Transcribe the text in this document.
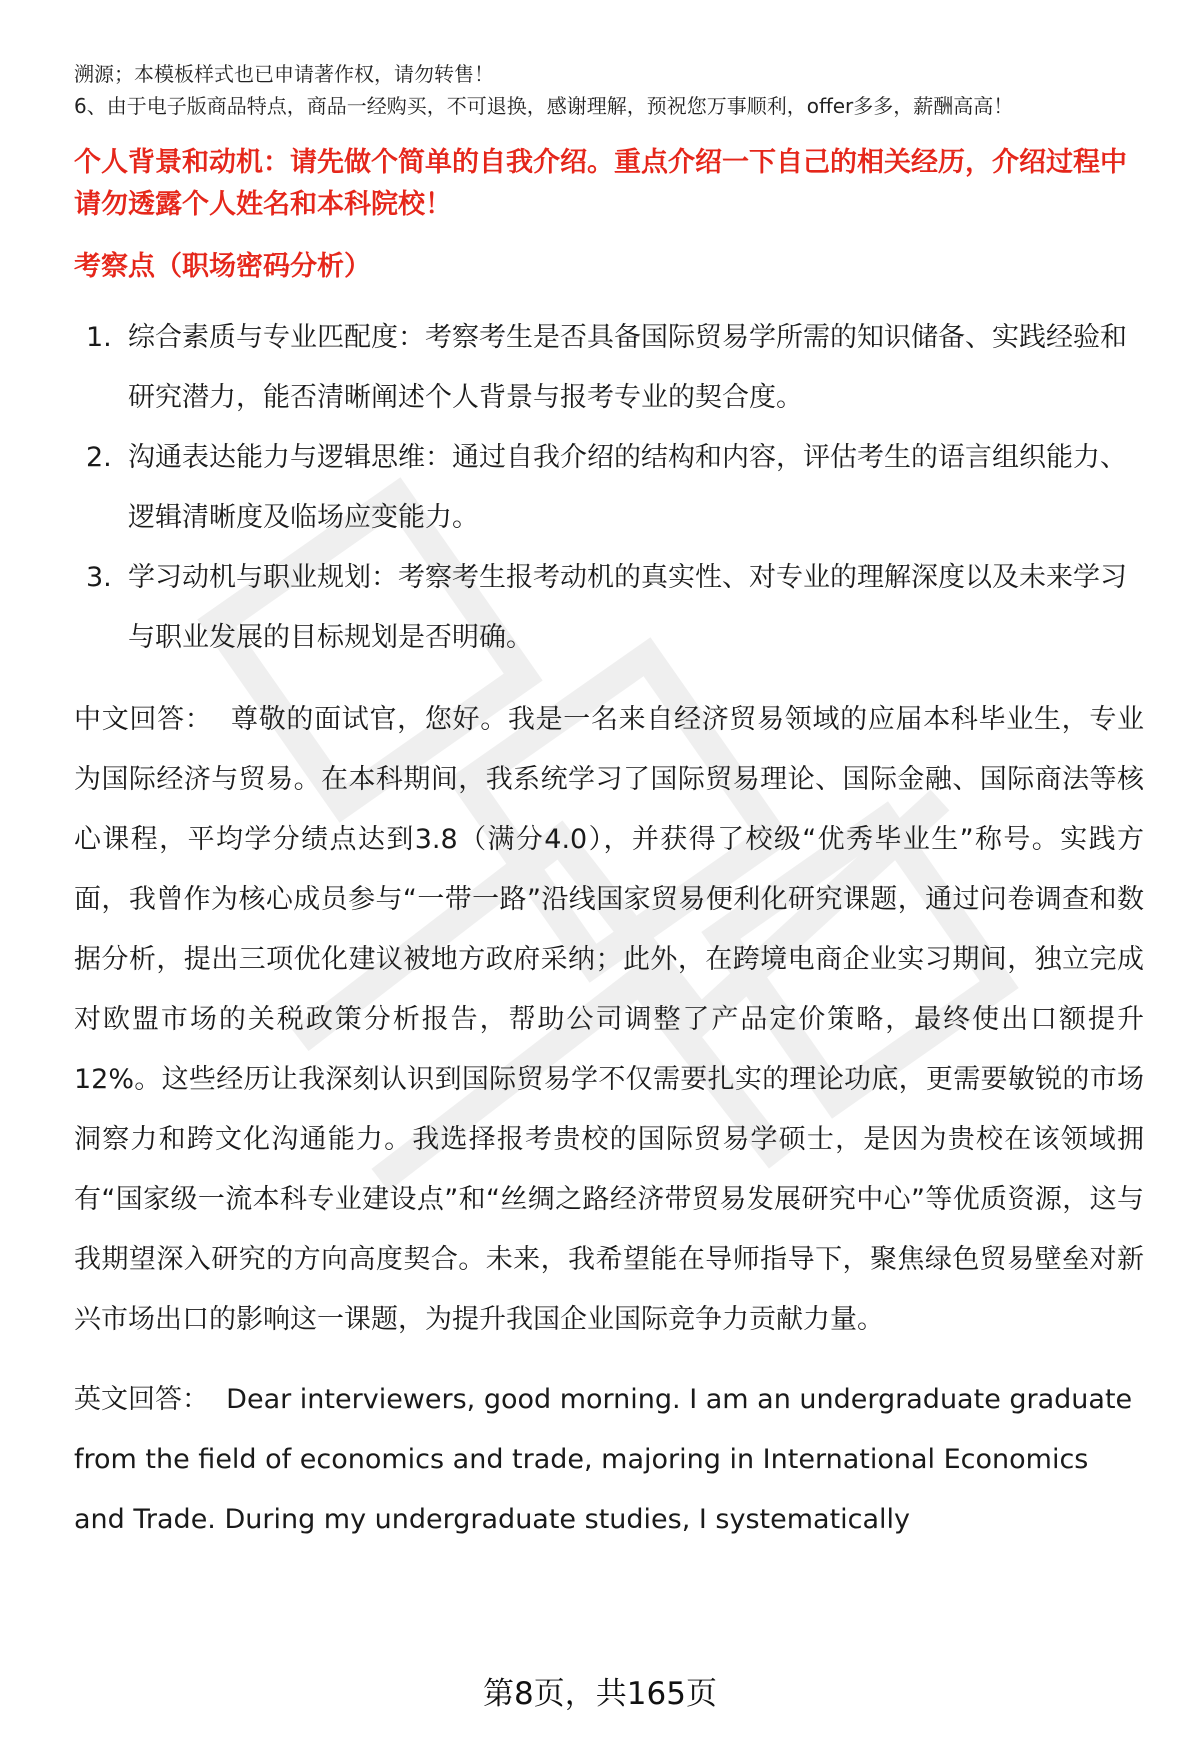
溯源；本模板样式也已申请著作权，请勿转售！

6、由于电子版商品特点，商品一经购买，不可退换，感谢理解，预祝您万事顺利，offer多多，薪酬高高！

个人背景和动机：请先做个简单的自我介绍。重点介绍一下自己的相关经历，介绍过程中请勿透露个人姓名和本科院校！

考察点（职场密码分析）

1. 综合素质与专业匹配度：考察考生是否具备国际贸易学所需的知识储备、实践经验和研究潜力，能否清晰阐述个人背景与报考专业的契合度。
2. 沟通表达能力与逻辑思维：通过自我介绍的结构和内容，评估考生的语言组织能力、逻辑清晰度及临场应变能力。
3. 学习动机与职业规划：考察考生报考动机的真实性、对专业的理解深度以及未来学习与职业发展的目标规划是否明确。

中文回答： 尊敬的面试官，您好。我是一名来自经济贸易领域的应届本科毕业生，专业为国际经济与贸易。在本科期间，我系统学习了国际贸易理论、国际金融、国际商法等核心课程，平均学分绩点达到3.8（满分4.0），并获得了校级“优秀毕业生”称号。实践方面，我曾作为核心成员参与“一带一路”沿线国家贸易便利化研究课题，通过问卷调查和数据分析，提出三项优化建议被地方政府采纳；此外，在跨境电商企业实习期间，独立完成对欧盟市场的关税政策分析报告，帮助公司调整了产品定价策略，最终使出口额提升12%。这些经历让我深刻认识到国际贸易学不仅需要扎实的理论功底，更需要敏锐的市场洞察力和跨文化沟通能力。我选择报考贵校的国际贸易学硕士，是因为贵校在该领域拥有“国家级一流本科专业建设点”和“丝绸之路经济带贸易发展研究中心”等优质资源，这与我期望深入研究的方向高度契合。未来，我希望能在导师指导下，聚焦绿色贸易壁垒对新兴市场出口的影响这一课题，为提升我国企业国际竞争力贡献力量。

英文回答： Dear interviewers, good morning. I am an undergraduate graduate from the field of economics and trade, majoring in International Economics and Trade. During my undergraduate studies, I systematically

第8页，共165页
